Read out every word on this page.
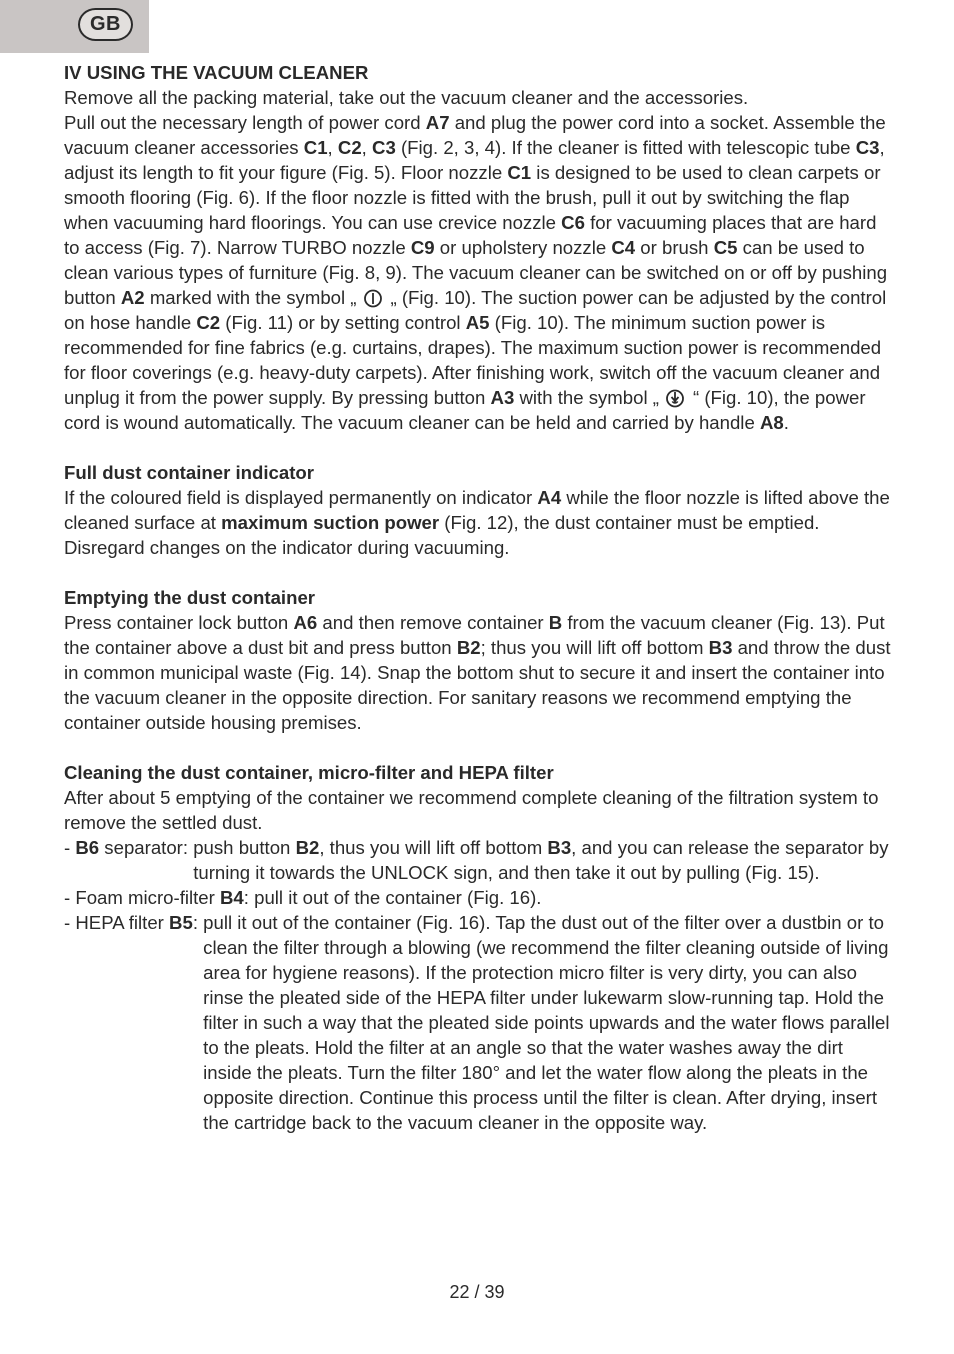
GB

IV USING THE VACUUM CLEANER

Remove all the packing material, take out the vacuum cleaner and the accessories.

Pull out the necessary length of power cord A7 and plug the power cord into a socket. Assemble the vacuum cleaner accessories C1, C2, C3 (Fig. 2, 3, 4). If the cleaner is fitted with telescopic tube C3, adjust its length to fit your figure (Fig. 5). Floor nozzle C1 is designed to be used to clean carpets or smooth flooring (Fig. 6). If the floor nozzle is fitted with the brush, pull it out by switching the flap when vacuuming hard floorings. You can use crevice nozzle C6 for vacuuming places that are hard to access (Fig. 7). Narrow TURBO nozzle C9 or upholstery nozzle C4 or brush C5 can be used to clean various types of furniture (Fig. 8, 9). The vacuum cleaner can be switched on or off by pushing button A2 marked with the symbol „ „ (Fig. 10). The suction power can be adjusted by the control on hose handle C2 (Fig. 11) or by setting control A5 (Fig. 10). The minimum suction power is recommended for fine fabrics (e.g. curtains, drapes). The maximum suction power is recommended for floor coverings (e.g. heavy-duty carpets). After finishing work, switch off the vacuum cleaner and unplug it from the power supply. By pressing button A3 with the symbol „ “ (Fig. 10), the power cord is wound automatically. The vacuum cleaner can be held and carried by handle A8.

Full dust container indicator

If the coloured field is displayed permanently on indicator A4 while the floor nozzle is lifted above the cleaned surface at maximum suction power (Fig. 12), the dust container must be emptied. Disregard changes on the indicator during vacuuming.

Emptying the dust container

Press container lock button A6 and then remove container B from the vacuum cleaner (Fig. 13). Put the container above a dust bit and press button B2; thus you will lift off bottom B3 and throw the dust in common municipal waste (Fig. 14). Snap the bottom shut to secure it and insert the container into the vacuum cleaner in the opposite direction. For sanitary reasons we recommend emptying the container outside housing premises.

Cleaning the dust container, micro-filter and HEPA filter

After about 5 emptying of the container we recommend complete cleaning of the filtration system to remove the settled dust.

- B6 separator: push button B2, thus you will lift off bottom B3, and you can release the separator by turning it towards the UNLOCK sign, and then take it out by pulling (Fig. 15).

- Foam micro-filter B4: pull it out of the container (Fig. 16).

- HEPA filter B5: pull it out of the container (Fig. 16). Tap the dust out of the filter over a dustbin or to clean the filter through a blowing (we recommend the filter cleaning outside of living area for hygiene reasons). If the protection micro filter is very dirty, you can also rinse the pleated side of the HEPA filter under lukewarm slow-running tap. Hold the filter in such a way that the pleated side points upwards and the water flows parallel to the pleats. Hold the filter at an angle so that the water washes away the dirt inside the pleats. Turn the filter 180° and let the water flow along the pleats in the opposite direction. Continue this process until the filter is clean. After drying, insert the cartridge back to the vacuum cleaner in the opposite way.
22 / 39
